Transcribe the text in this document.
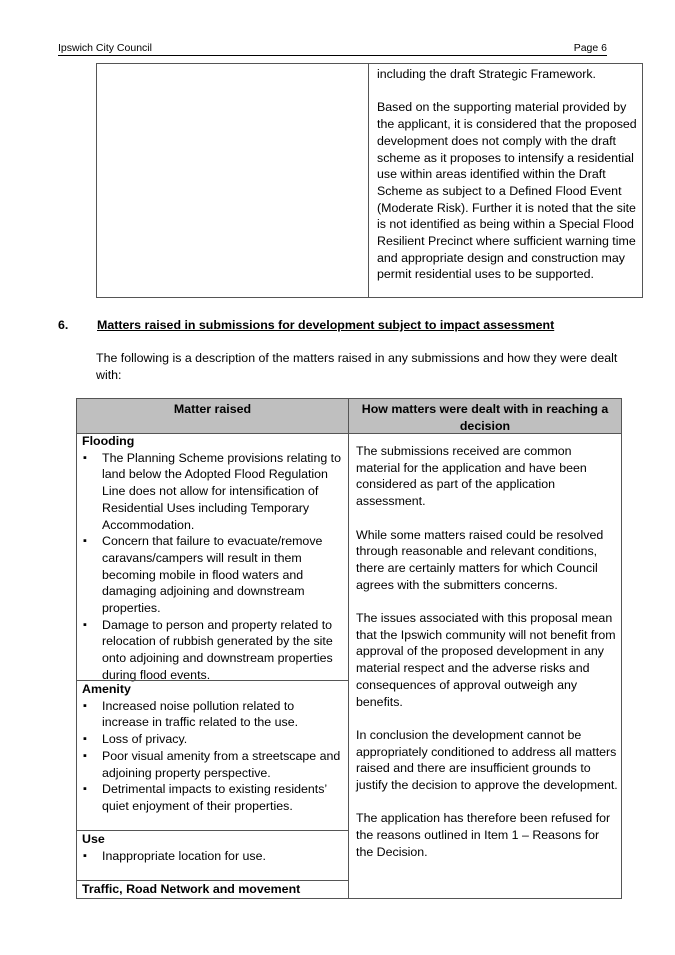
Ipswich City Council	Page 6

including the draft Strategic Framework.

Based on the supporting material provided by the applicant, it is considered that the proposed development does not comply with the draft scheme as it proposes to intensify a residential use within areas identified within the Draft Scheme as subject to a Defined Flood Event (Moderate Risk). Further it is noted that the site is not identified as being within a Special Flood Resilient Precinct where sufficient warning time and appropriate design and construction may permit residential uses to be supported.

6. Matters raised in submissions for development subject to impact assessment
The following is a description of the matters raised in any submissions and how they were dealt with:
Matter raised	How matters were dealt with in reaching a decision
Flooding
▪ The Planning Scheme provisions relating to land below the Adopted Flood Regulation Line does not allow for intensification of Residential Uses including Temporary Accommodation.
▪ Concern that failure to evacuate/remove caravans/campers will result in them becoming mobile in flood waters and damaging adjoining and downstream properties.
▪ Damage to person and property related to relocation of rubbish generated by the site onto adjoining and downstream properties during flood events.
Amenity
▪ Increased noise pollution related to increase in traffic related to the use.
▪ Loss of privacy.
▪ Poor visual amenity from a streetscape and adjoining property perspective.
▪ Detrimental impacts to existing residents’ quiet enjoyment of their properties.
Use
▪ Inappropriate location for use.
Traffic, Road Network and movement

The submissions received are common material for the application and have been considered as part of the application assessment.

While some matters raised could be resolved through reasonable and relevant conditions, there are certainly matters for which Council agrees with the submitters concerns.

The issues associated with this proposal mean that the Ipswich community will not benefit from approval of the proposed development in any material respect and the adverse risks and consequences of approval outweigh any benefits.

In conclusion the development cannot be appropriately conditioned to address all matters raised and there are insufficient grounds to justify the decision to approve the development.

The application has therefore been refused for the reasons outlined in Item 1 – Reasons for the Decision.
